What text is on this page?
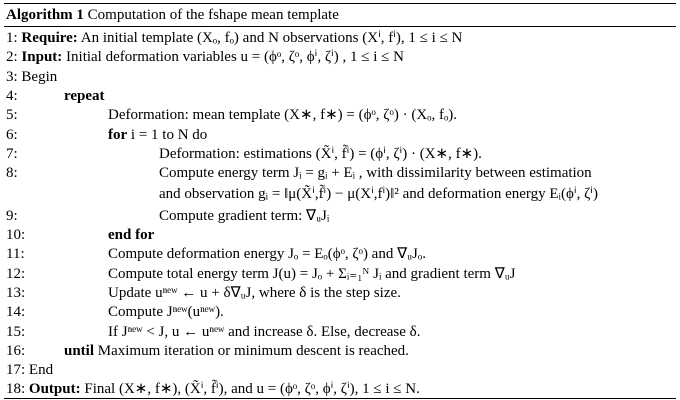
Algorithm 1 Computation of the fshape mean template
1: Require: An initial template (Xₒ, fₒ) and N observations (Xⁱ, fⁱ), 1 ≤ i ≤ N
2: Input: Initial deformation variables u = (ϕᵒ, ζᵒ, ϕⁱ, ζⁱ) , 1 ≤ i ≤ N
3: Begin
4:	repeat
5:	Deformation: mean template (X∗, f∗) = (ϕᵒ, ζᵒ) · (Xₒ, fₒ).
6:	for i = 1 to N do
7:	Deformation: estimations (X̃ⁱ, f̃ⁱ) = (ϕⁱ, ζⁱ) · (X∗, f∗).
8:	Compute energy term Jᵢ = gᵢ + Eᵢ , with dissimilarity between estimation
and observation gᵢ = ‖μ(X̃ⁱ,f̃ⁱ) − μ(Xⁱ,fⁱ)‖² and deformation energy Eᵢ(ϕⁱ, ζⁱ)
9:	Compute gradient term: ∇ᵤJᵢ
10:	end for
11:	Compute deformation energy Jₒ = Eₒ(ϕᵒ, ζᵒ) and ∇ᵤJₒ.
12:	Compute total energy term J(u) = Jₒ + Σᵢ₌₁ᴺ Jᵢ and gradient term ∇ᵤJ
13:	Update uⁿᵉʷ ← u + δ∇ᵤJ, where δ is the step size.
14:	Compute Jⁿᵉʷ(uⁿᵉʷ).
15:	If Jⁿᵉʷ < J, u ← uⁿᵉʷ and increase δ. Else, decrease δ.
16:	until Maximum iteration or minimum descent is reached.
17: End
18: Output: Final (X∗, f∗), (X̃ⁱ, f̃ⁱ), and u = (ϕᵒ, ζᵒ, ϕⁱ, ζⁱ), 1 ≤ i ≤ N.
